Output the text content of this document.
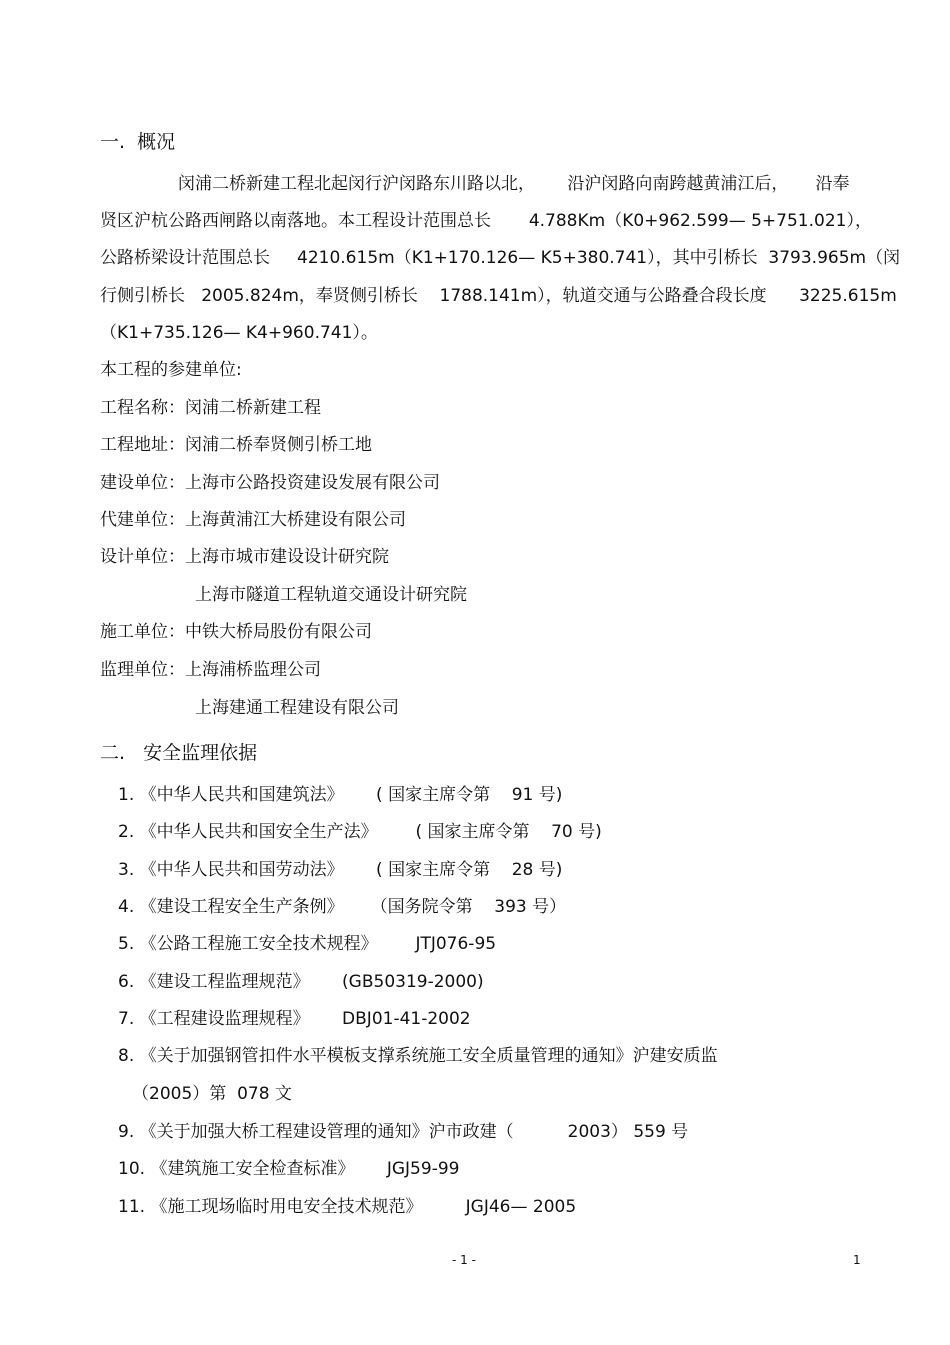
一.  概况
闵浦二桥新建工程北起闵行沪闵路东川路以北，      沿沪闵路向南跨越黄浦江后，     沿奉
贤区沪杭公路西闸路以南落地。本工程设计范围总长       4.788Km（K0+962.599— 5+751.021），
公路桥梁设计范围总长     4210.615m（K1+170.126— K5+380.741），其中引桥长  3793.965m（闵
行侧引桥长   2005.824m，奉贤侧引桥长    1788.141m），轨道交通与公路叠合段长度      3225.615m
（K1+735.126— K4+960.741）。
本工程的参建单位:
工程名称：闵浦二桥新建工程
工程地址：闵浦二桥奉贤侧引桥工地
建设单位：上海市公路投资建设发展有限公司
代建单位：上海黄浦江大桥建设有限公司
设计单位：上海市城市建设设计研究院
上海市隧道工程轨道交通设计研究院
施工单位：中铁大桥局股份有限公司
监理单位：上海浦桥监理公司
上海建通工程建设有限公司
二.   安全监理依据
1. 《中华人民共和国建筑法》      ( 国家主席令第    91 号)
2. 《中华人民共和国安全生产法》       ( 国家主席令第    70 号)
3. 《中华人民共和国劳动法》      ( 国家主席令第    28 号)
4. 《建设工程安全生产条例》     （国务院令第    393 号）
5. 《公路工程施工安全技术规程》       JTJ076-95
6. 《建设工程监理规范》      (GB50319-2000)
7. 《工程建设监理规程》      DBJ01-41-2002
8. 《关于加强钢管扣件水平模板支撑系统施工安全质量管理的通知》沪建安质监
（2005）第  078 文
9. 《关于加强大桥工程建设管理的通知》沪市政建（          2003） 559 号
10. 《建筑施工安全检查标准》      JGJ59-99
11. 《施工现场临时用电安全技术规范》        JGJ46— 2005
- 1 -	1
